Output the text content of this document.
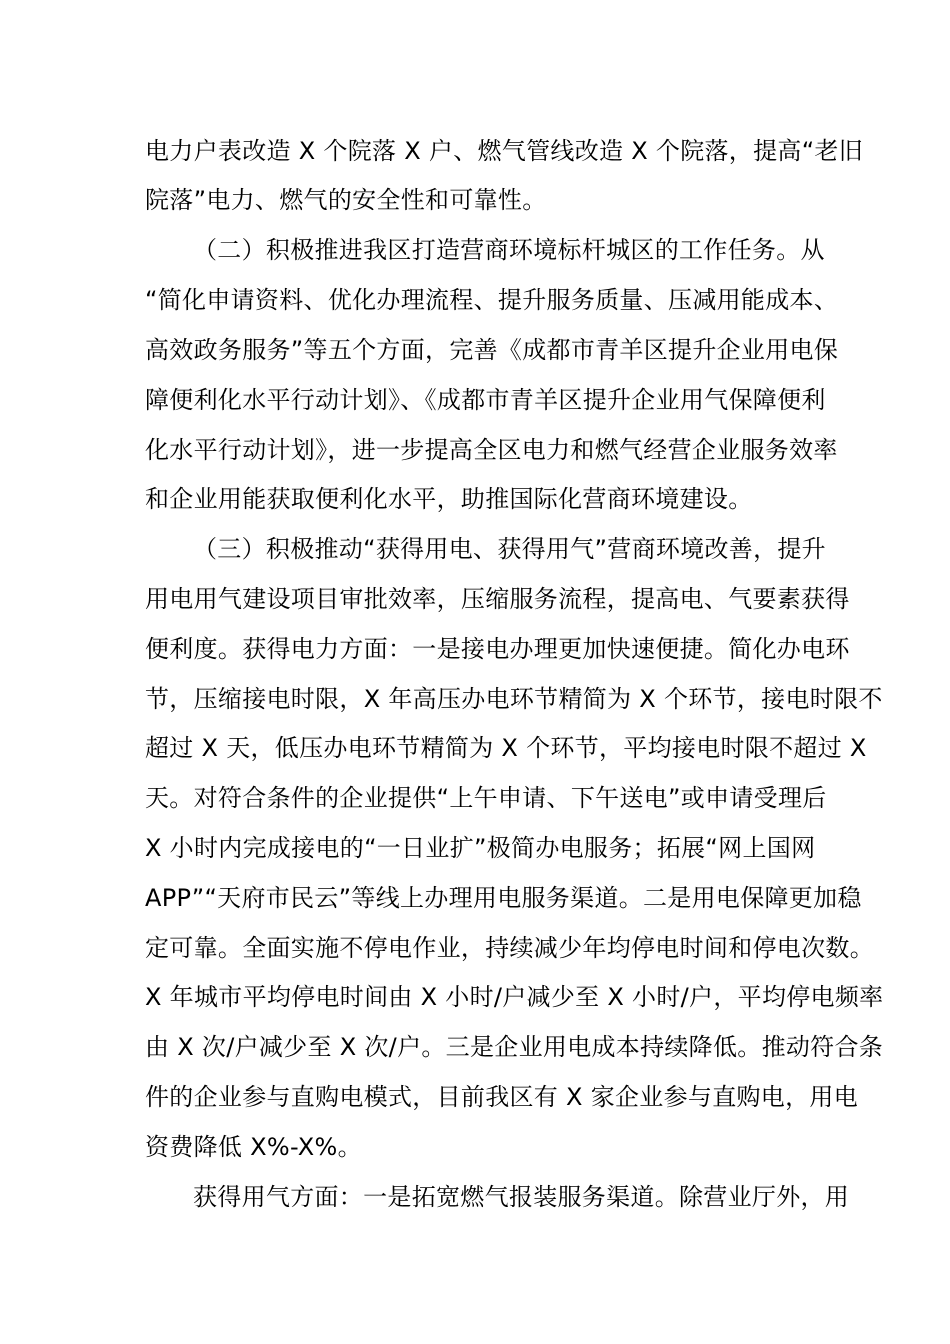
电力户表改造 X 个院落 X 户、燃气管线改造 X 个院落，提高“老旧
院落”电力、燃气的安全性和可靠性。
（二）积极推进我区打造营商环境标杆城区的工作任务。从
“简化申请资料、优化办理流程、提升服务质量、压减用能成本、
高效政务服务”等五个方面，完善《成都市青羊区提升企业用电保
障便利化水平行动计划》、《成都市青羊区提升企业用气保障便利
化水平行动计划》，进一步提高全区电力和燃气经营企业服务效率
和企业用能获取便利化水平，助推国际化营商环境建设。
（三）积极推动“获得用电、获得用气”营商环境改善，提升
用电用气建设项目审批效率，压缩服务流程，提高电、气要素获得
便利度。获得电力方面：一是接电办理更加快速便捷。简化办电环
节，压缩接电时限，X 年高压办电环节精简为 X 个环节，接电时限不
超过 X 天，低压办电环节精简为 X 个环节，平均接电时限不超过 X
天。对符合条件的企业提供“上午申请、下午送电”或申请受理后
X 小时内完成接电的“一日业扩”极简办电服务；拓展“网上国网
APP”“天府市民云”等线上办理用电服务渠道。二是用电保障更加稳
定可靠。全面实施不停电作业，持续减少年均停电时间和停电次数。
X 年城市平均停电时间由 X 小时/户减少至 X 小时/户，平均停电频率
由 X 次/户减少至 X 次/户。三是企业用电成本持续降低。推动符合条
件的企业参与直购电模式，目前我区有 X 家企业参与直购电，用电
资费降低 X%-X%。
获得用气方面：一是拓宽燃气报装服务渠道。除营业厅外，用
